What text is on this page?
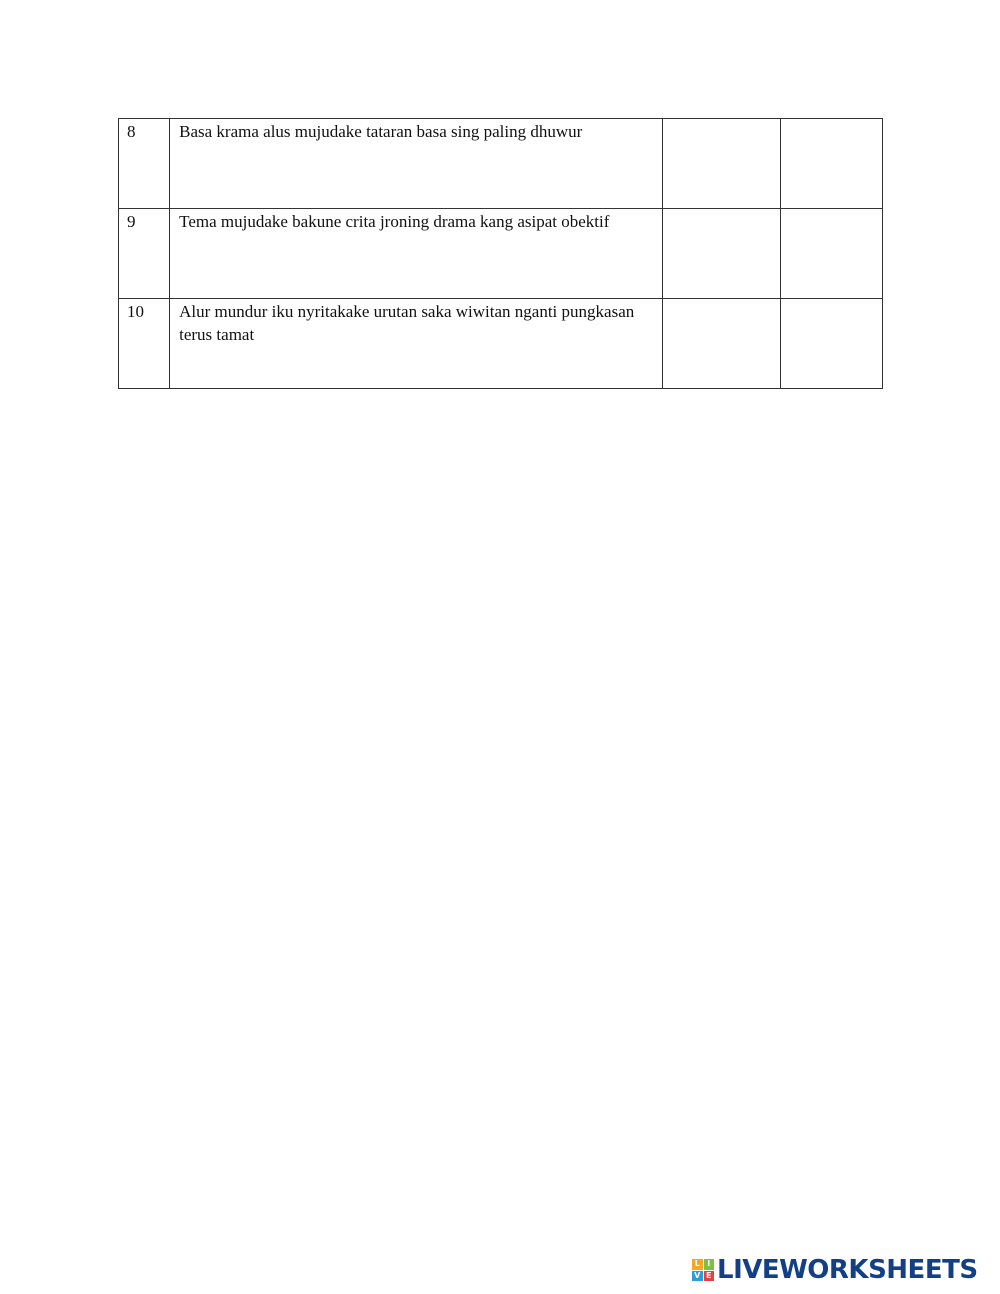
8	Basa krama alus mujudake tataran basa sing paling dhuwur		

9	Tema mujudake bakune crita jroning drama kang asipat obektif		

10	Alur mundur iku nyritakake urutan saka wiwitan nganti pungkasan terus tamat		

L I
V E LIVEWORKSHEETS
